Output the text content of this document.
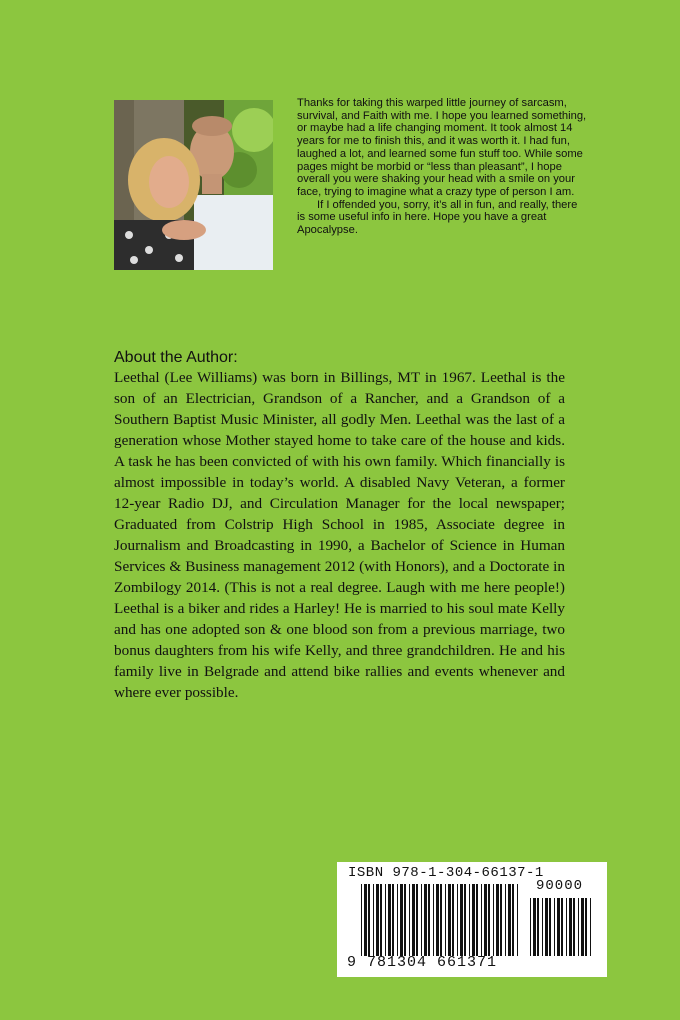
Thanks for taking this warped little journey of sarcasm, survival, and Faith with me. I hope you learned something, or maybe had a life changing moment. It took almost 14 years for me to finish this, and it was worth it. I had fun, laughed a lot, and learned some fun stuff too. While some pages might be morbid or “less than pleasant”, I hope overall you were shaking your head with a smile on your face, trying to imagine what a crazy type of person I am.

If I offended you, sorry, it’s all in fun, and really, there is some useful info in here. Hope you have a great Apocalypse.

About the Author:

Leethal (Lee Williams) was born in Billings, MT in 1967. Leethal is the son of an Electrician, Grandson of a Rancher, and a Grandson of a Southern Baptist Music Minister, all godly Men. Leethal was the last of a generation whose Mother stayed home to take care of the house and kids. A task he has been convicted of with his own family. Which financially is almost impossible in today’s world. A disabled Navy Veteran, a former 12-year Radio DJ, and Circulation Manager for the local newspaper; Graduated from Colstrip High School in 1985, Associate degree in Journalism and Broadcasting in 1990, a Bachelor of Science in Human Services & Business management 2012 (with Honors), and a Doctorate in Zombilogy 2014. (This is not a real degree. Laugh with me here people!) Leethal is a biker and rides a Harley! He is married to his soul mate Kelly and has one adopted son & one blood son from a previous marriage, two bonus daughters from his wife Kelly, and three grandchildren. He and his family live in Belgrade and attend bike rallies and events whenever and where ever possible.

ISBN 978-1-304-66137-1
90000
9 781304 661371
